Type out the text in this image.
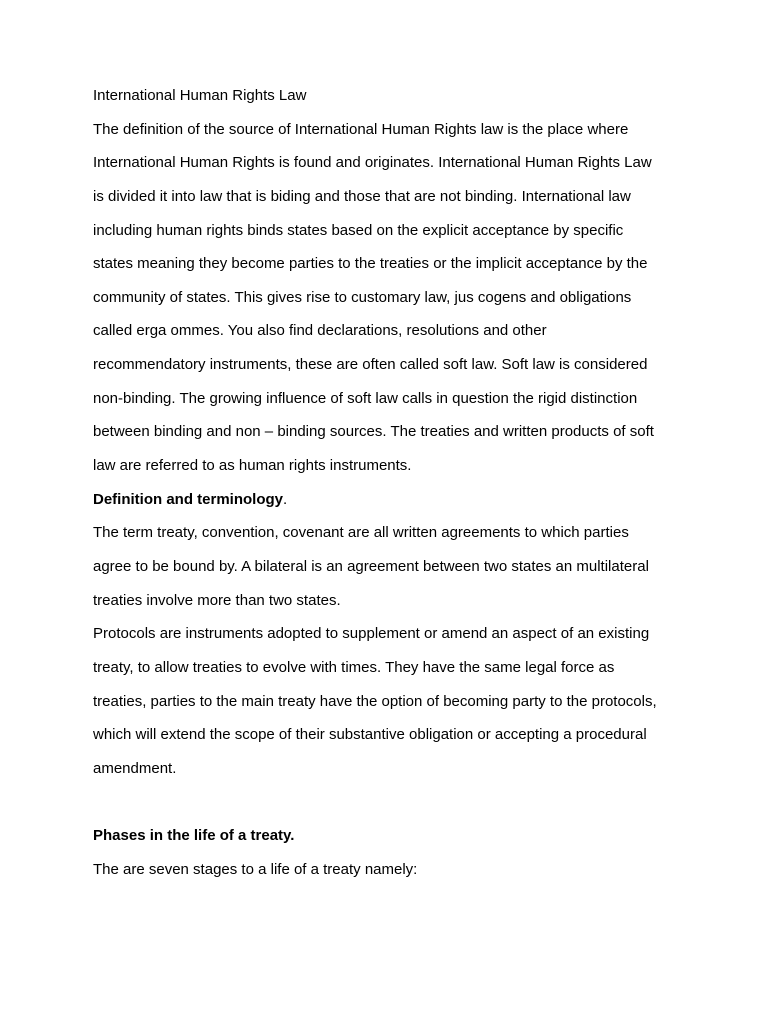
International Human Rights Law
The definition of the source of International Human Rights law is the place where
International Human Rights is found and originates. International Human Rights Law
is divided it into law that is biding and those that are not binding. International law
including human rights binds states based on the explicit acceptance by specific
states meaning they become parties to the treaties or the implicit acceptance by the
community of states. This gives rise to customary law, jus cogens and obligations
called erga ommes. You also find declarations, resolutions and other
recommendatory instruments, these are often called soft law. Soft law is considered
non-binding. The growing influence of soft law calls in question the rigid distinction
between binding and non – binding sources. The treaties and written products of soft
law are referred to as human rights instruments.
Definition and terminology.
The term treaty, convention, covenant are all written agreements to which parties
agree to be bound by. A bilateral is an agreement between two states an multilateral
treaties involve more than two states.
Protocols are instruments adopted to supplement or amend an aspect of an existing
treaty, to allow treaties to evolve with times. They have the same legal force as
treaties, parties to the main treaty have the option of becoming party to the protocols,
which will extend the scope of their substantive obligation or accepting a procedural
amendment.
Phases in the life of a treaty.
The are seven stages to a life of a treaty namely:
